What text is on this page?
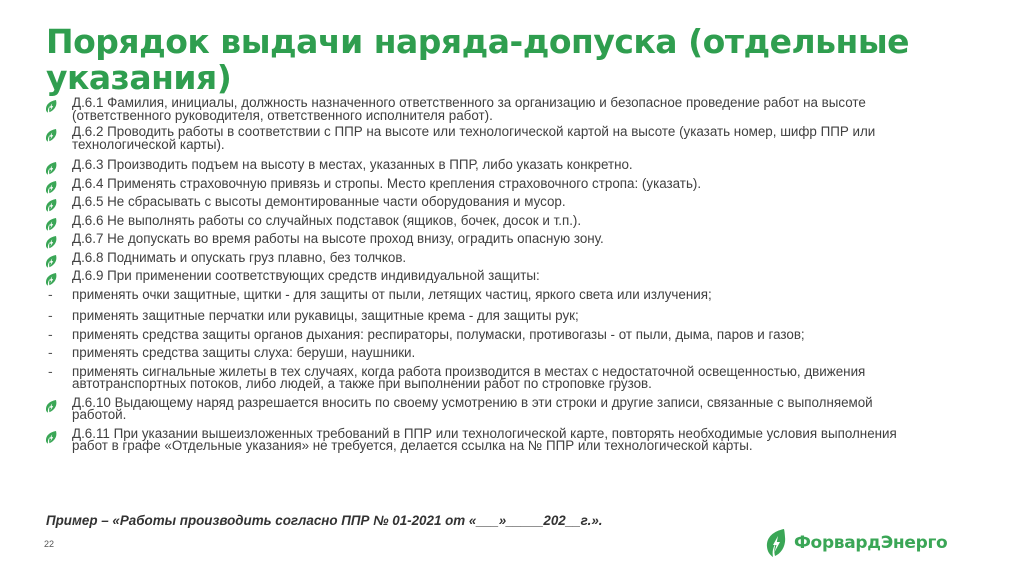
Порядок выдачи наряда-допуска (отдельные указания)
Д.6.1 Фамилия, инициалы, должность назначенного ответственного за организацию и безопасное проведение работ на высоте (ответственного руководителя, ответственного исполнителя работ).
Д.6.2 Проводить работы в соответствии с ППР на высоте или технологической картой на высоте (указать номер, шифр ППР или технологической карты).
Д.6.3 Производить подъем на высоту в местах, указанных в ППР, либо указать конкретно.
Д.6.4 Применять страховочную привязь и стропы. Место крепления страховочного стропа: (указать).
Д.6.5 Не сбрасывать с высоты демонтированные части оборудования и мусор.
Д.6.6 Не выполнять работы со случайных подставок (ящиков, бочек, досок и т.п.).
Д.6.7 Не допускать во время работы на высоте проход внизу, оградить опасную зону.
Д.6.8 Поднимать и опускать груз плавно, без толчков.
Д.6.9 При применении соответствующих средств индивидуальной защиты:
- применять очки защитные, щитки - для защиты от пыли, летящих частиц, яркого света или излучения;
- применять защитные перчатки или рукавицы, защитные крема - для защиты рук;
- применять средства защиты органов дыхания: респираторы, полумаски, противогазы - от пыли, дыма, паров и газов;
- применять средства защиты слуха: беруши, наушники.
- применять сигнальные жилеты в тех случаях, когда работа производится в местах с недостаточной освещенностью, движения автотранспортных потоков, либо людей, а также при выполнении работ по строповке грузов.
Д.6.10 Выдающему наряд разрешается вносить по своему усмотрению в эти строки и другие записи, связанные с выполняемой работой.
Д.6.11 При указании вышеизложенных требований в ППР или технологической карте, повторять необходимые условия выполнения работ в графе «Отдельные указания» не требуется, делается ссылка на № ППР или технологической карты.
Пример – «Работы производить согласно ППР № 01-2021 от «___»_____202__г.».
22	ФорвардЭнерго
